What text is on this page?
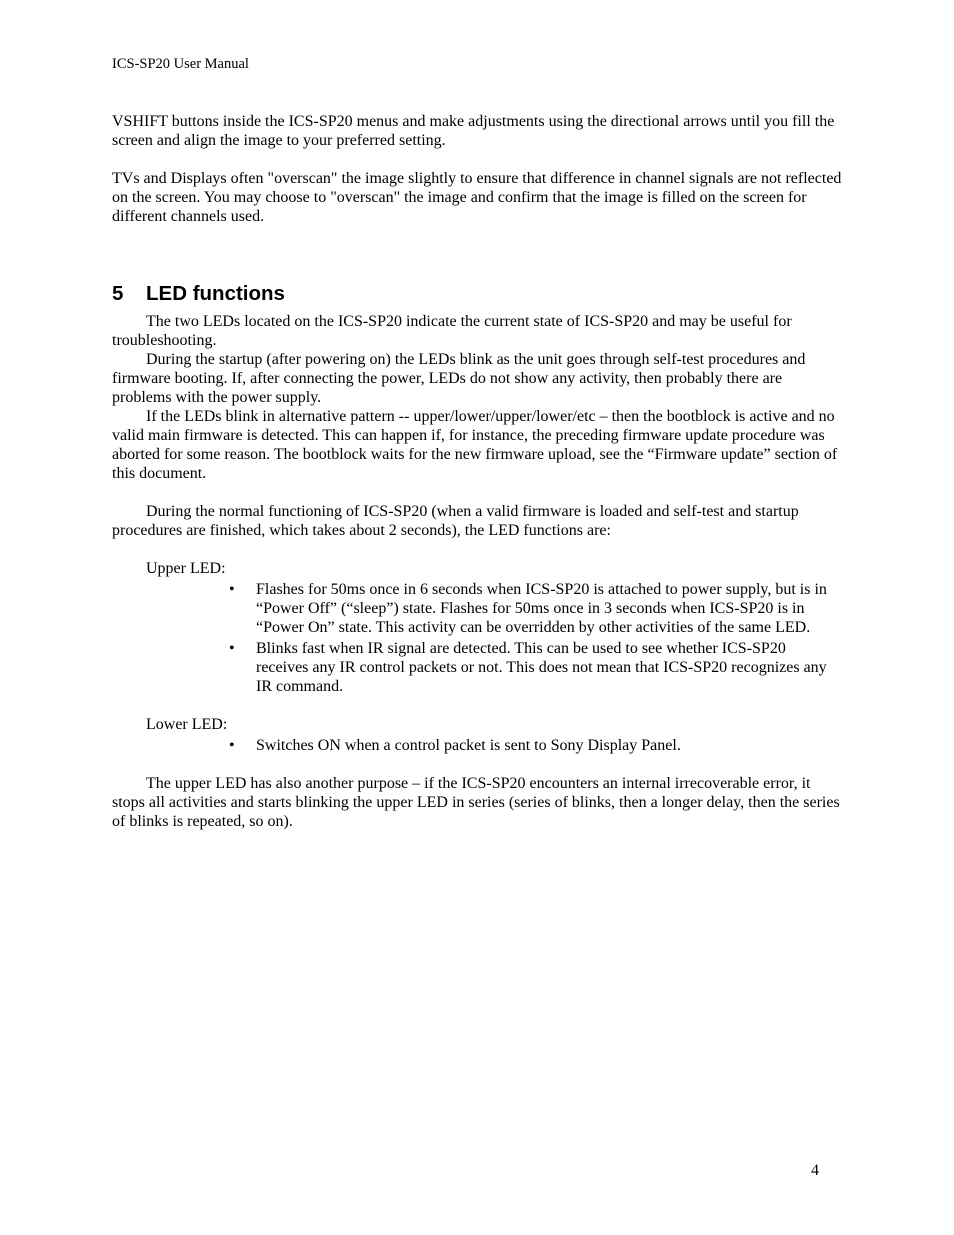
ICS-SP20 User Manual

VSHIFT buttons inside the ICS-SP20 menus and make adjustments using the directional arrows until you fill the screen and align the image to your preferred setting.

TVs and Displays often "overscan" the image slightly to ensure that difference in channel signals are not reflected on the screen. You may choose to "overscan" the image and confirm that the image is filled on the screen for different channels used.

5 LED functions

The two LEDs located on the ICS-SP20 indicate the current state of ICS-SP20 and may be useful for troubleshooting.

During the startup (after powering on) the LEDs blink as the unit goes through self-test procedures and firmware booting. If, after connecting the power, LEDs do not show any activity, then probably there are problems with the power supply.

If the LEDs blink in alternative pattern -- upper/lower/upper/lower/etc – then the bootblock is active and no valid main firmware is detected. This can happen if, for instance, the preceding firmware update procedure was aborted for some reason. The bootblock waits for the new firmware upload, see the “Firmware update” section of this document.

During the normal functioning of ICS-SP20 (when a valid firmware is loaded and self-test and startup procedures are finished, which takes about 2 seconds), the LED functions are:

Upper LED:

• Flashes for 50ms once in 6 seconds when ICS-SP20 is attached to power supply, but is in “Power Off” (“sleep”) state. Flashes for 50ms once in 3 seconds when ICS-SP20 is in “Power On” state. This activity can be overridden by other activities of the same LED.
• Blinks fast when IR signal are detected. This can be used to see whether ICS-SP20 receives any IR control packets or not. This does not mean that ICS-SP20 recognizes any IR command.

Lower LED:

• Switches ON when a control packet is sent to Sony Display Panel.

The upper LED has also another purpose – if the ICS-SP20 encounters an internal irrecoverable error, it stops all activities and starts blinking the upper LED in series (series of blinks, then a longer delay, then the series of blinks is repeated, so on).

4
